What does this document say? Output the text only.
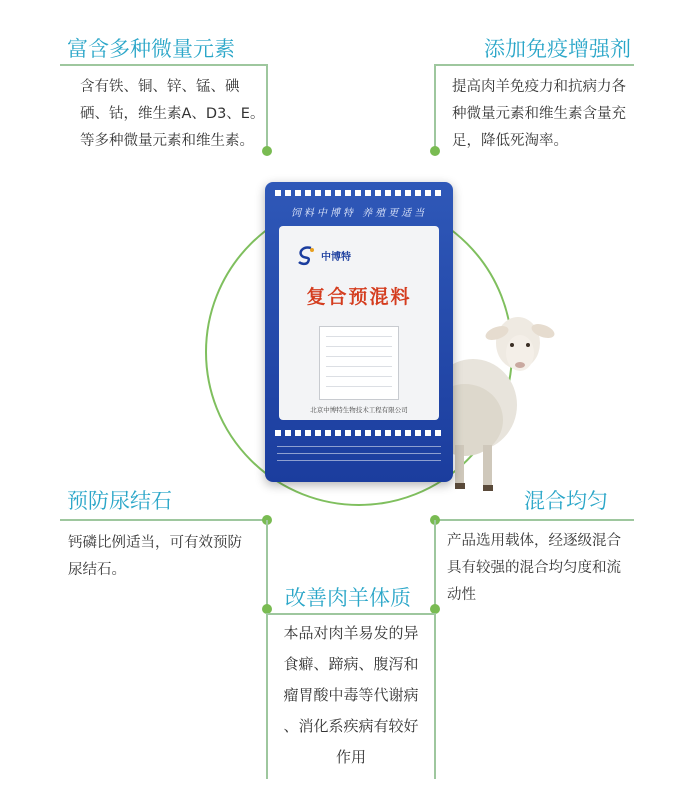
富含多种微量元素
含有铁、铜、锌、锰、碘
硒、钴，维生素A、D3、E。
等多种微量元素和维生素。
添加免疫增强剂
提高肉羊免疫力和抗病力各
种微量元素和维生素含量充
足，降低死淘率。
预防尿结石
钙磷比例适当，可有效预防
尿结石。
混合均匀
产品选用载体，经逐级混合
具有较强的混合均匀度和流
动性
改善肉羊体质
本品对肉羊易发的异
食癖、蹄病、腹泻和
瘤胃酸中毒等代谢病
、消化系疾病有较好
作用
饲料中博特 养殖更适当
中博特
复合预混料
北京中博特生物技术工程有限公司
